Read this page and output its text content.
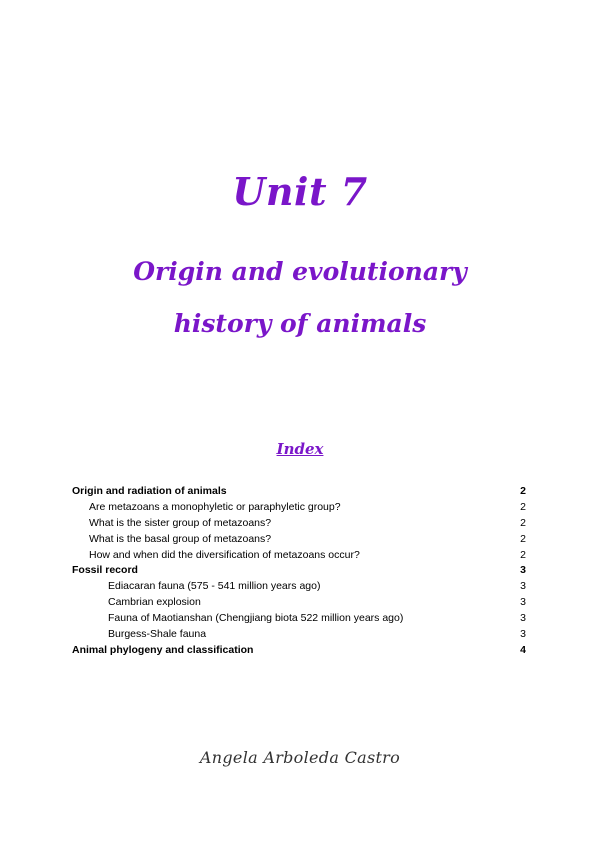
Unit 7
Origin and evolutionary
history of animals
Index
Origin and radiation of animals	2
Are metazoans a monophyletic or paraphyletic group?	2
What is the sister group of metazoans?	2
What is the basal group of metazoans?	2
How and when did the diversification of metazoans occur?	2
Fossil record	3
Ediacaran fauna (575 - 541 million years ago)	3
Cambrian explosion	3
Fauna of Maotianshan (Chengjiang biota 522 million years ago)	3
Burgess-Shale fauna	3
Animal phylogeny and classification	4
Angela Arboleda Castro
